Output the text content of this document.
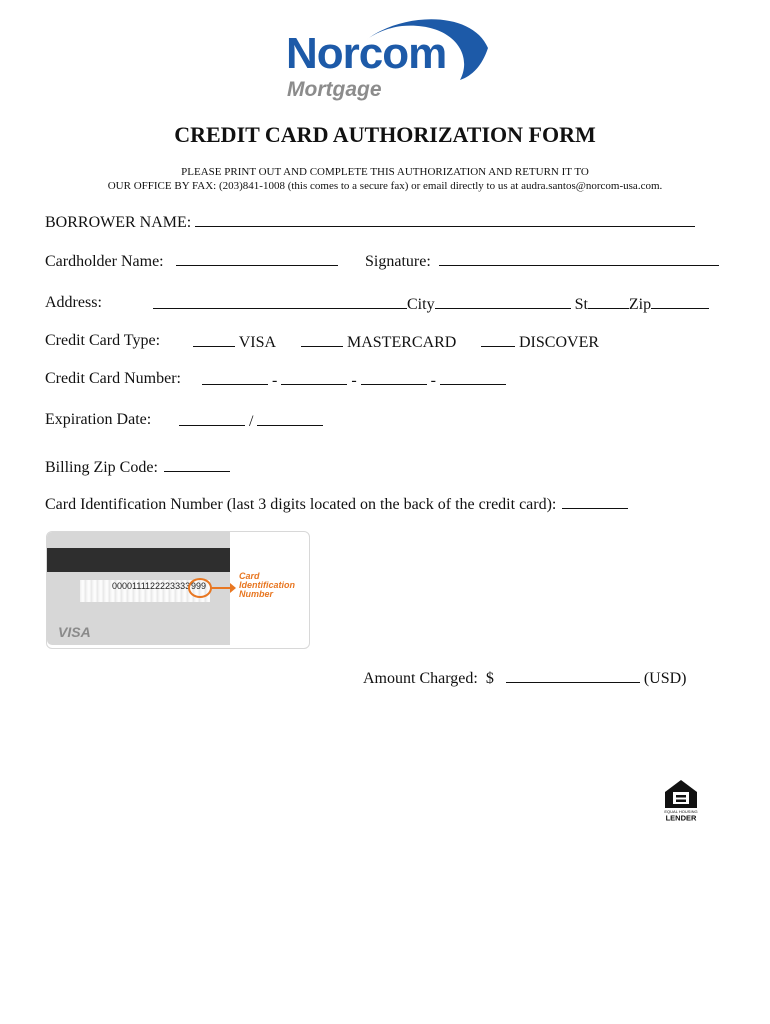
Norcom
Mortgage
CREDIT CARD AUTHORIZATION FORM
PLEASE PRINT OUT AND COMPLETE THIS AUTHORIZATION AND RETURN IT TO
OUR OFFICE BY FAX: (203)841-1008 (this comes to a secure fax) or email directly to us at audra.santos@norcom-usa.com.
BORROWER NAME:
Cardholder Name:	Signature:
Address:	City	St	Zip
Credit Card Type:	VISA	MASTERCARD	DISCOVER
Credit Card Number:	-	-	-
Expiration Date:	/
Billing Zip Code:
Card Identification Number (last 3 digits located on the back of the credit card):
0000111122223333 999
Card
Identification
Number
VISA
Amount Charged: $	(USD)
EQUAL HOUSING
LENDER
